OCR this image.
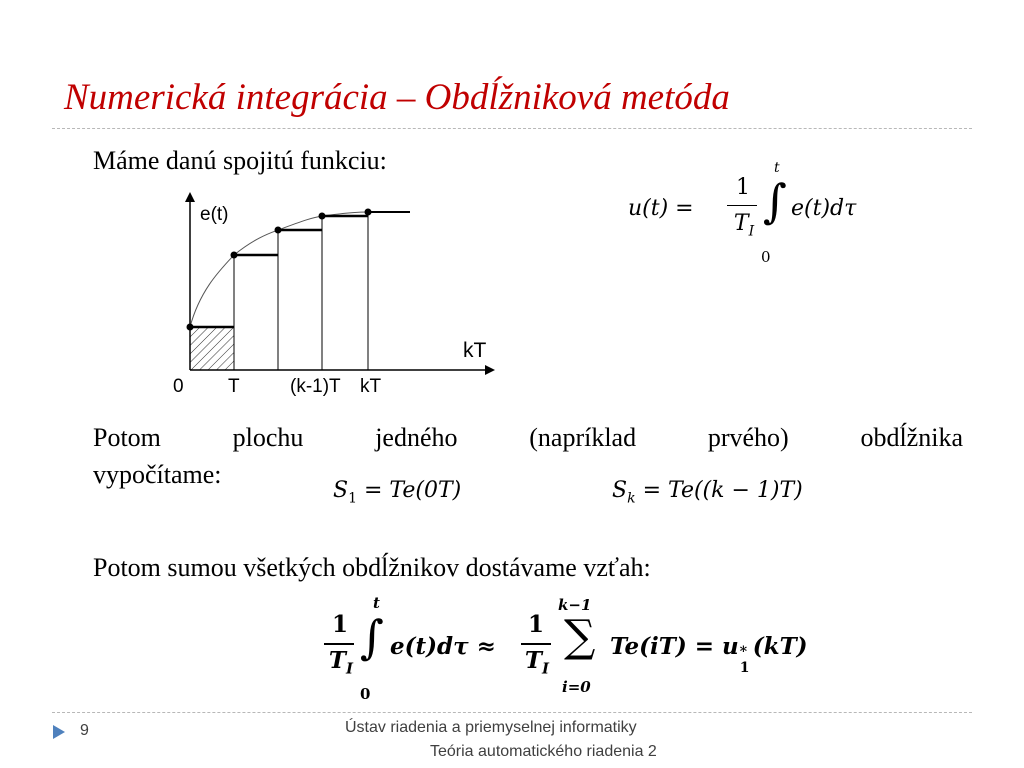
Numerická integrácia – Obdĺžniková metóda
Máme danú spojitú funkciu:
e(t)
kT
0 T	(k-1)T kT
u(t) =
1
$T_I$
∫
t
0
e(t)dτ
Potom	plochu	jedného	(napríklad	prvého)	obdĺžnika
vypočítame:
$S_1 = Te(0T)$	$S_k = Te((k - 1)T)$
Potom sumou všetkých obdĺžnikov dostávame vzťah:
1
$T_I$
∫
t
0
e(t)dτ ≈
1
$T_I$
k−1
∑
i=0
Te(iT) = u *
1
(kT)
9	Ústav riadenia a priemyselnej informatiky
Teória automatického riadenia 2
